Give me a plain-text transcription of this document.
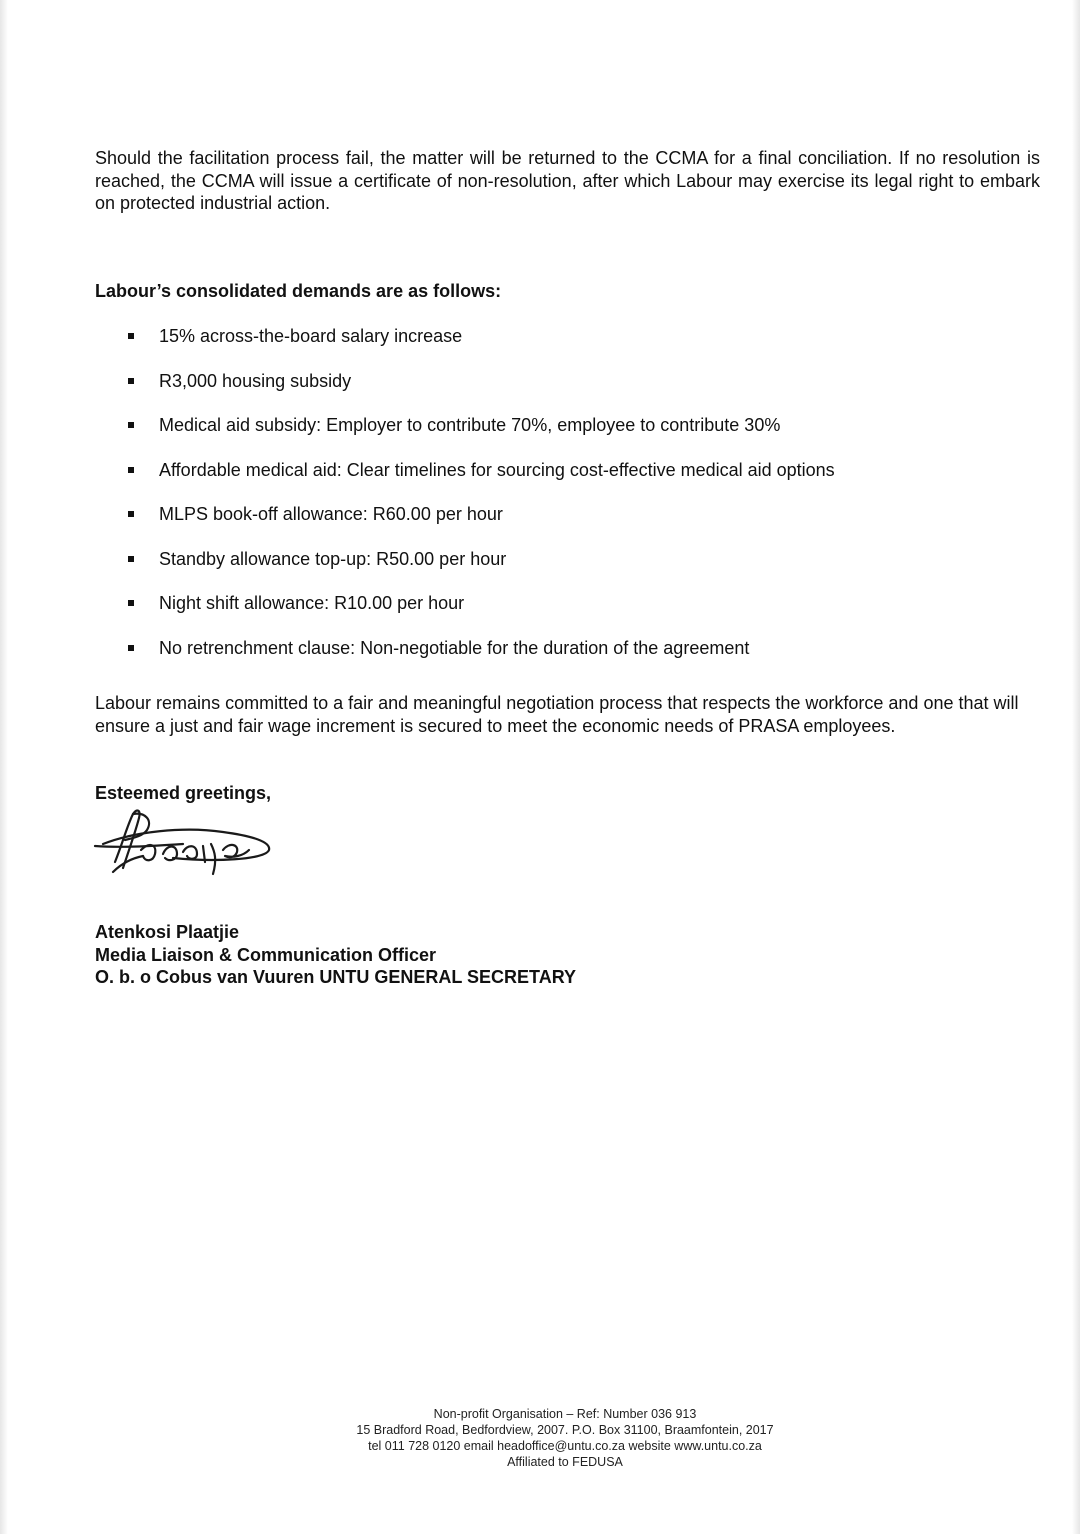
Should the facilitation process fail, the matter will be returned to the CCMA for a final conciliation. If no resolution is reached, the CCMA will issue a certificate of non-resolution, after which Labour may exercise its legal right to embark on protected industrial action.

Labour’s consolidated demands are as follows:

15% across-the-board salary increase
R3,000 housing subsidy
Medical aid subsidy: Employer to contribute 70%, employee to contribute 30%
Affordable medical aid: Clear timelines for sourcing cost-effective medical aid options
MLPS book-off allowance: R60.00 per hour
Standby allowance top-up: R50.00 per hour
Night shift allowance: R10.00 per hour
No retrenchment clause: Non-negotiable for the duration of the agreement

Labour remains committed to a fair and meaningful negotiation process that respects the workforce and one that will ensure a just and fair wage increment is secured to meet the economic needs of PRASA employees.

Esteemed greetings,

Atenkosi Plaatjie
Media Liaison & Communication Officer
O. b. o Cobus van Vuuren UNTU GENERAL SECRETARY
Non-profit Organisation – Ref: Number 036 913
15 Bradford Road, Bedfordview, 2007. P.O. Box 31100, Braamfontein, 2017
tel 011 728 0120 email headoffice@untu.co.za website www.untu.co.za
Affiliated to FEDUSA
